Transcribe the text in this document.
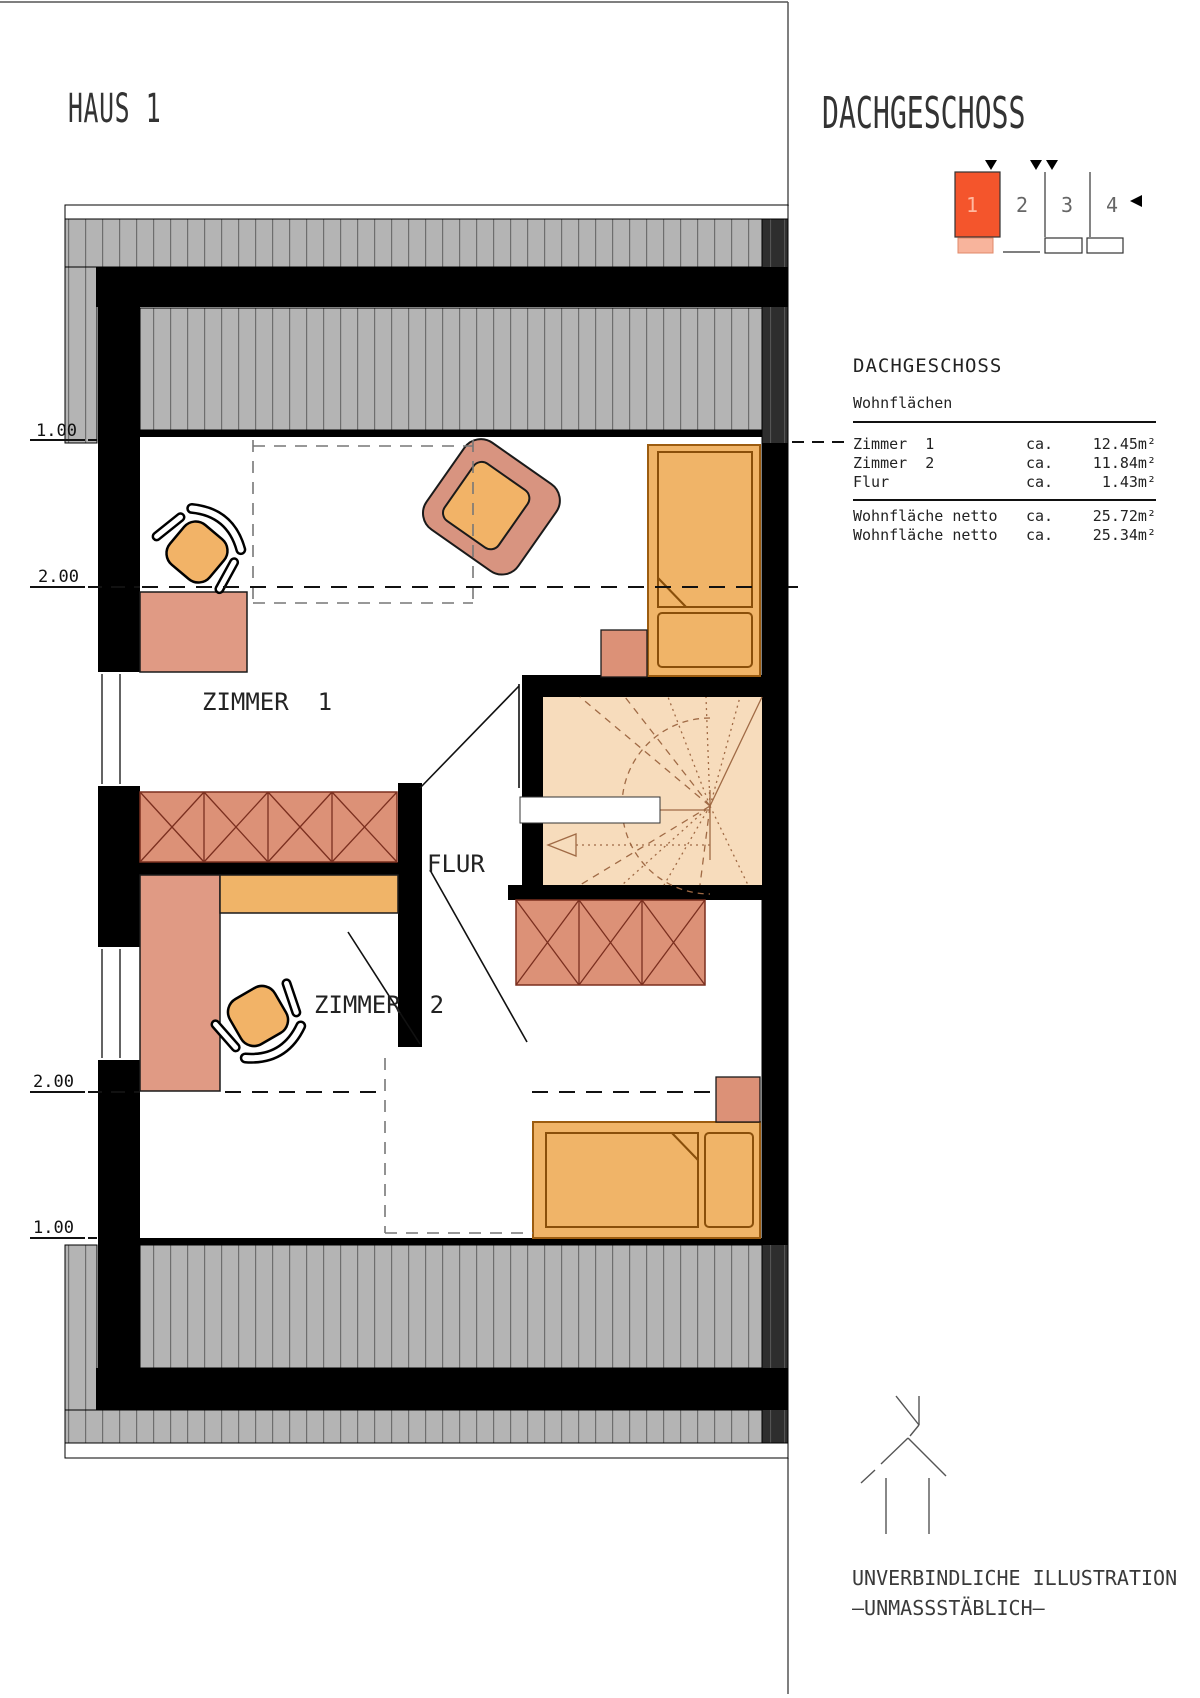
1 2 3 4
HAUS 1	DACHGESCHOSS
ZIMMER  1
ZIMMER  2
FLUR
1.00
2.00
2.00
1.00
DACHGESCHOSS
Wohnflächen
Zimmer  1	ca.	12.45m²
Zimmer  2	ca.	11.84m²
Flur	ca.	1.43m²
Wohnfläche netto	ca.	25.72m²
Wohnfläche netto	ca.	25.34m²
UNVERBINDLICHE ILLUSTRATION
–UNMASSSTÄBLICH–
